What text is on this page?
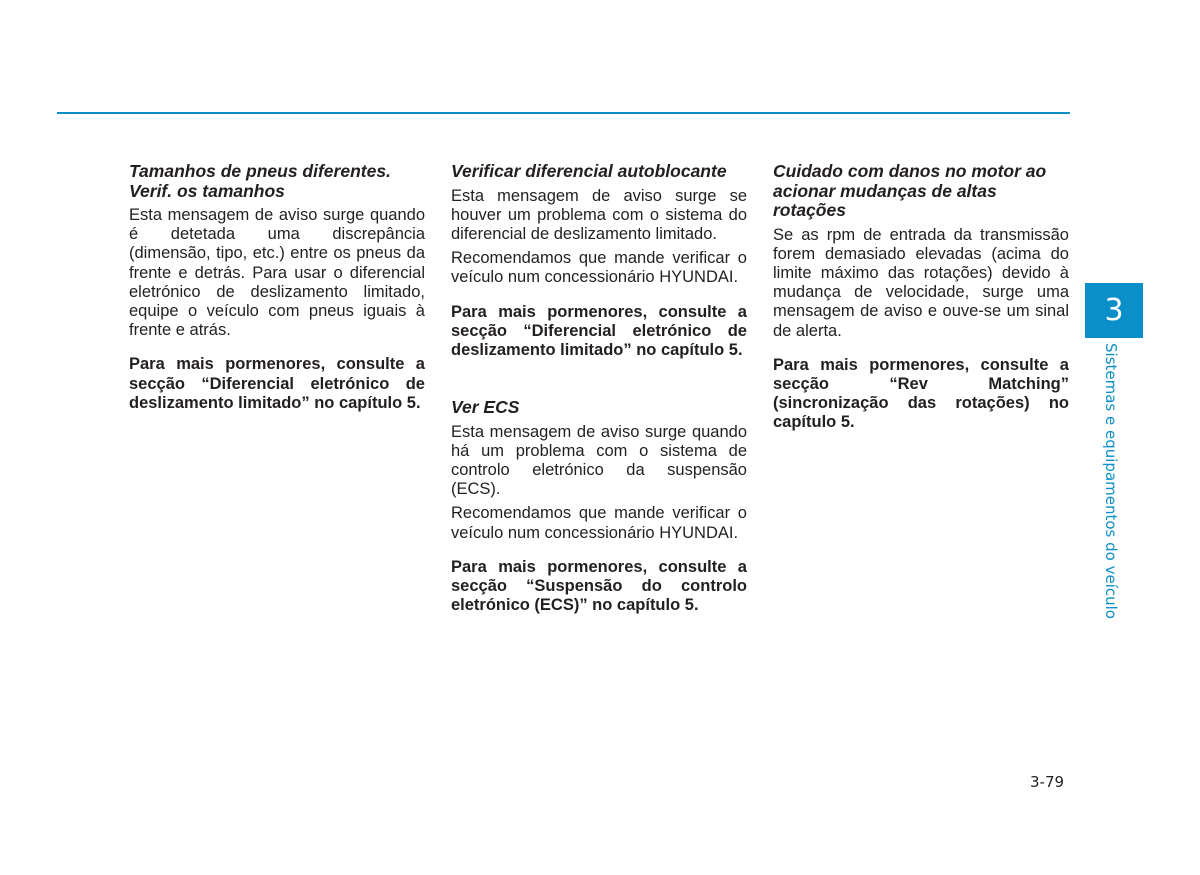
Tamanhos de pneus diferentes. Verif. os tamanhos

Esta mensagem de aviso surge quando é detetada uma discrepância (dimensão, tipo, etc.) entre os pneus da frente e detrás. Para usar o diferencial eletrónico de deslizamento limitado, equipe o veículo com pneus iguais à frente e atrás.

Para mais pormenores, consulte a secção “Diferencial eletrónico de deslizamento limitado” no capítulo 5.

Verificar diferencial autoblocante

Esta mensagem de aviso surge se houver um problema com o sistema do diferencial de deslizamento limitado.

Recomendamos que mande verificar o veículo num concessionário HYUNDAI.

Para mais pormenores, consulte a secção “Diferencial eletrónico de deslizamento limitado” no capítulo 5.

Ver ECS

Esta mensagem de aviso surge quando há um problema com o sistema de controlo eletrónico da suspensão (ECS).

Recomendamos que mande verificar o veículo num concessionário HYUNDAI.

Para mais pormenores, consulte a secção “Suspensão do controlo eletrónico (ECS)” no capítulo 5.

Cuidado com danos no motor ao acionar mudanças de altas rotações

Se as rpm de entrada da transmissão forem demasiado elevadas (acima do limite máximo das rotações) devido à mudança de velocidade, surge uma mensagem de aviso e ouve-se um sinal de alerta.

Para mais pormenores, consulte a secção “Rev Matching” (sincronização das rotações) no capítulo 5.

3
Sistemas e equipamentos do veículo
3-79
